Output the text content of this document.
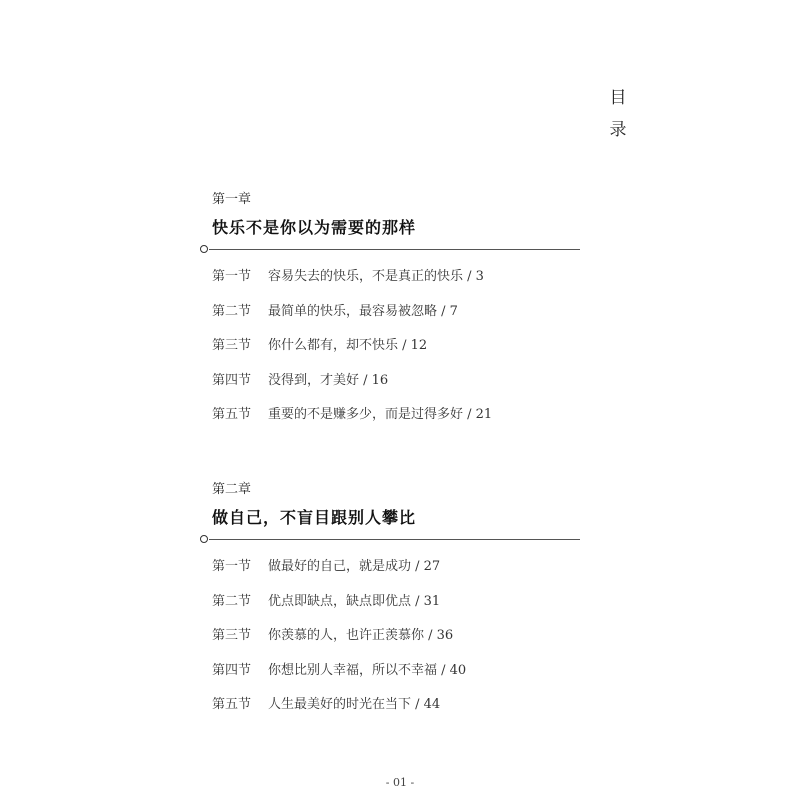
目
录
第一章
快乐不是你以为需要的那样
第一节 容易失去的快乐，不是真正的快乐 / 3
第二节 最简单的快乐，最容易被忽略 / 7
第三节 你什么都有，却不快乐 / 12
第四节 没得到，才美好 / 16
第五节 重要的不是赚多少，而是过得多好 / 21
第二章
做自己，不盲目跟别人攀比
第一节 做最好的自己，就是成功 / 27
第二节 优点即缺点，缺点即优点 / 31
第三节 你羡慕的人，也许正羡慕你 / 36
第四节 你想比别人幸福，所以不幸福 / 40
第五节 人生最美好的时光在当下 / 44
- 01 -
